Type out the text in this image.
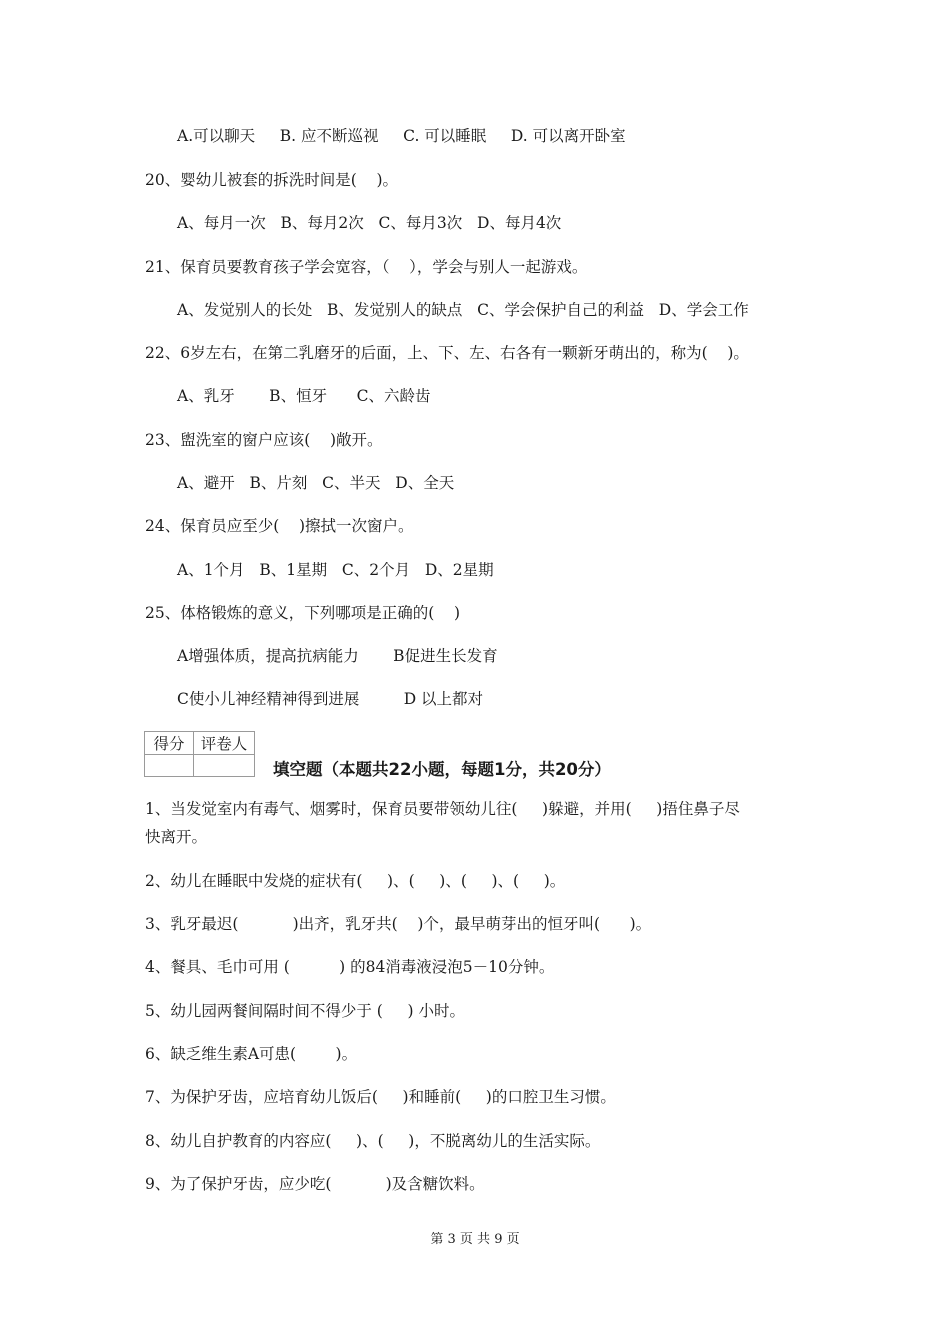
A.可以聊天     B. 应不断巡视     C. 可以睡眠     D. 可以离开卧室
20、婴幼儿被套的拆洗时间是(    )。
A、每月一次   B、每月2次   C、每月3次   D、每月4次
21、保育员要教育孩子学会宽容，（    ），学会与别人一起游戏。
A、发觉别人的长处   B、发觉别人的缺点   C、学会保护自己的利益   D、学会工作
22、6岁左右，在第二乳磨牙的后面，上、下、左、右各有一颗新牙萌出的，称为(    )。
A、乳牙       B、恒牙      C、六龄齿
23、盥洗室的窗户应该(    )敞开。
A、避开   B、片刻   C、半天   D、全天
24、保育员应至少(    )擦拭一次窗户。
A、1个月   B、1星期   C、2个月   D、2星期
25、体格锻炼的意义，下列哪项是正确的(    )
A增强体质，提高抗病能力       B促进生长发育
C使小儿神经精神得到进展         D 以上都对
得分	评卷人

填空题（本题共22小题，每题1分，共20分）
1、当发觉室内有毒气、烟雾时，保育员要带领幼儿往(     )躲避，并用(     )捂住鼻子尽
快离开。
2、幼儿在睡眠中发烧的症状有(     )、(     )、(     )、(     )。
3、乳牙最迟(           )出齐，乳牙共(    )个，最早萌芽出的恒牙叫(      )。
4、餐具、毛巾可用 (          ) 的84消毒液浸泡5－10分钟。
5、幼儿园两餐间隔时间不得少于 (     ) 小时。
6、缺乏维生素A可患(        )。
7、为保护牙齿，应培育幼儿饭后(     )和睡前(     )的口腔卫生习惯。
8、幼儿自护教育的内容应(     )、(     )，不脱离幼儿的生活实际。
9、为了保护牙齿，应少吃(           )及含糖饮料。
第 3 页 共 9 页
